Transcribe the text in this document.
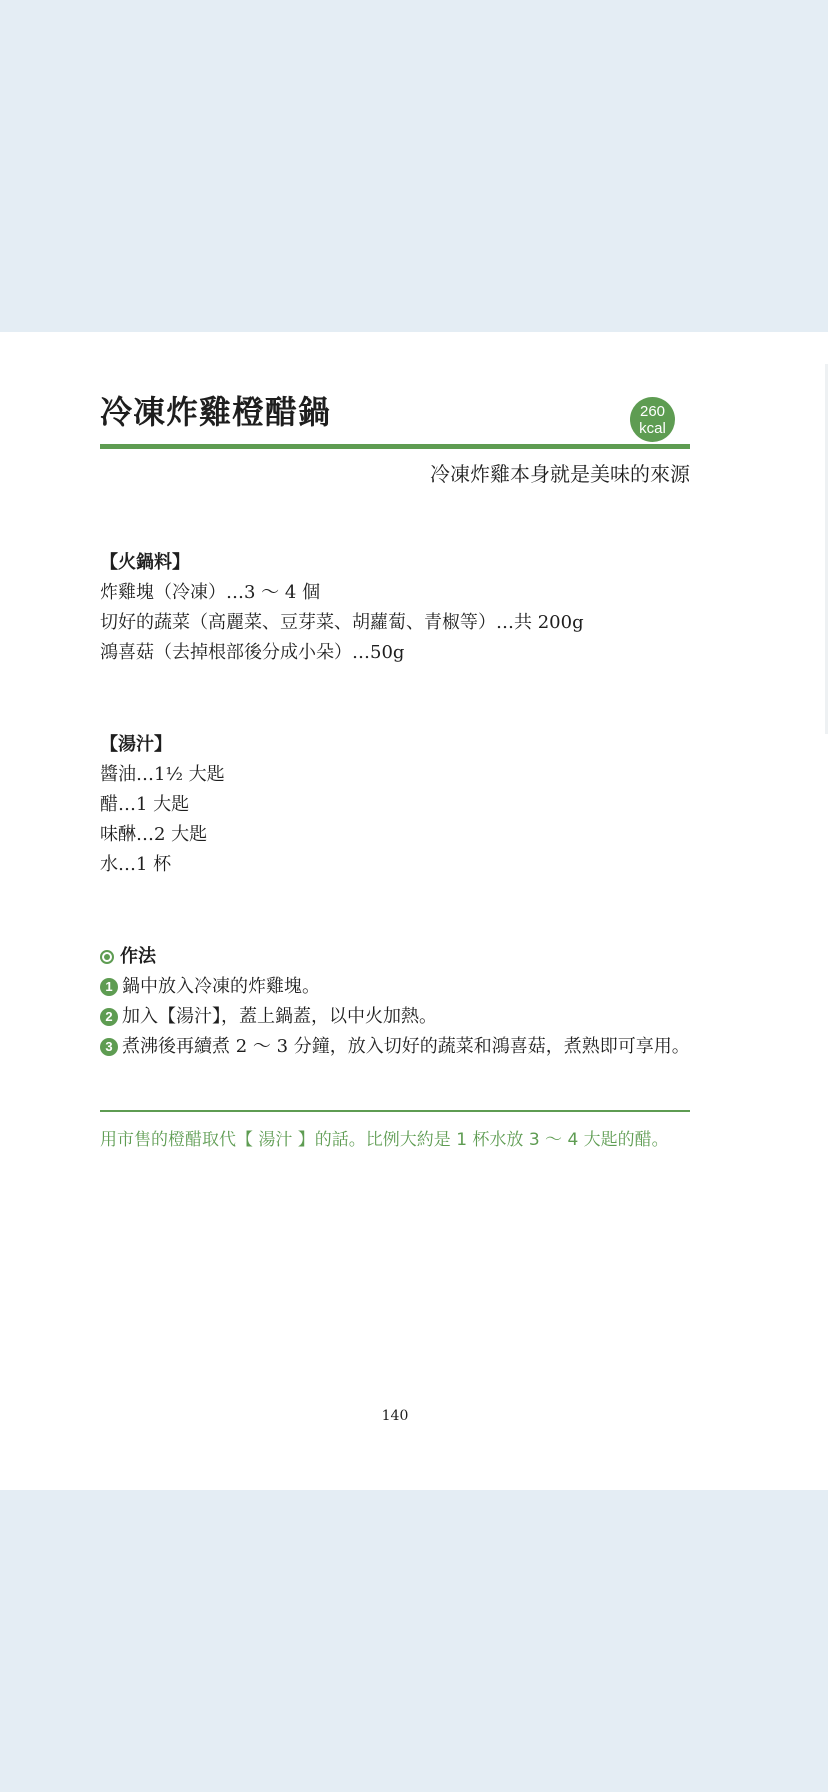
冷凍炸雞橙醋鍋	260
kcal
冷凍炸雞本身就是美味的來源
【火鍋料】
炸雞塊（冷凍）…3 ～ 4 個
切好的蔬菜（高麗菜、豆芽菜、胡蘿蔔、青椒等）…共 200g
鴻喜菇（去掉根部後分成小朵）…50g
【湯汁】
醬油…1½ 大匙
醋…1 大匙
味醂…2 大匙
水…1 杯
作法
1 鍋中放入冷凍的炸雞塊。
2 加入【湯汁】，蓋上鍋蓋，以中火加熱。
3 煮沸後再續煮 2 ～ 3 分鐘，放入切好的蔬菜和鴻喜菇，煮熟即可享用。
用市售的橙醋取代【 湯汁 】的話。比例大約是 1 杯水放 3 ～ 4 大匙的醋。
140
